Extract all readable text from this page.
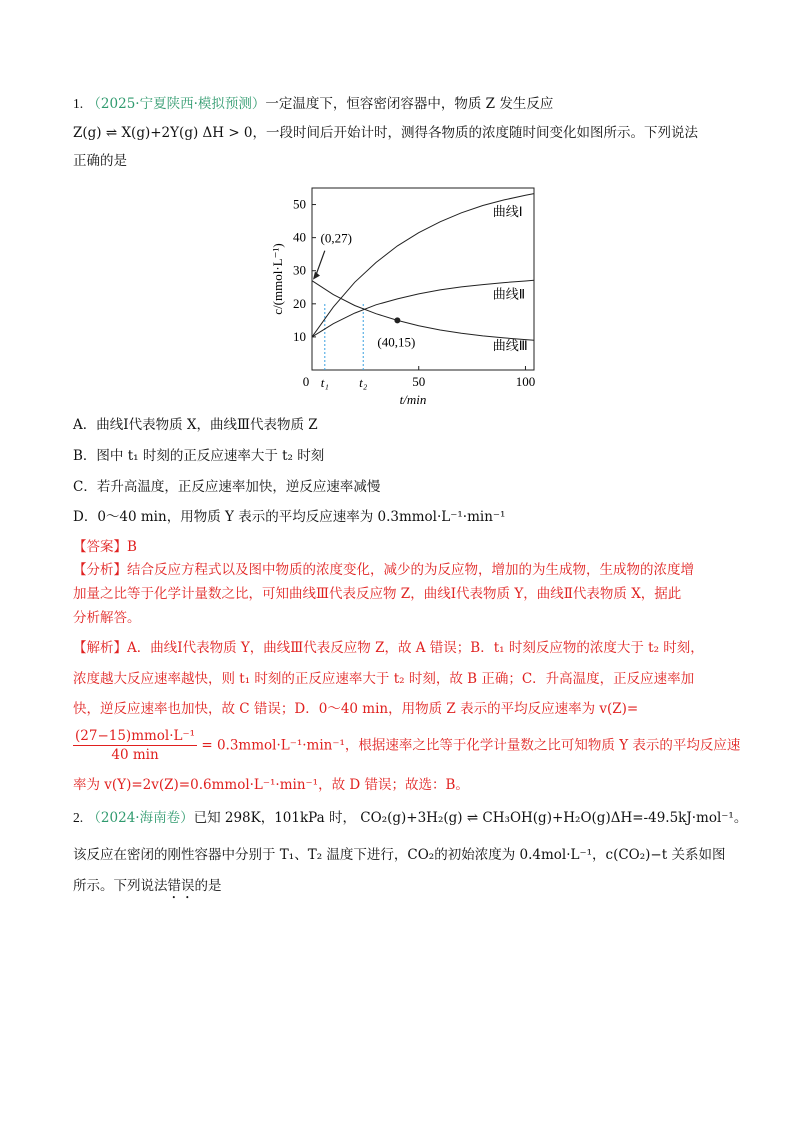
1. （2025·宁夏陕西·模拟预测）一定温度下，恒容密闭容器中，物质 Z 发生反应
Z(g) ⇌ X(g)+2Y(g) ΔH > 0，一段时间后开始计时，测得各物质的浓度随时间变化如图所示。下列说法
正确的是
10
20
30
40
50
0	50	100
t₁ t₂
曲线Ⅰ
曲线Ⅱ
曲线Ⅲ
(0,27)
(40,15)
t/min
c/(mmol·L⁻¹)
A．曲线Ⅰ代表物质 X，曲线Ⅲ代表物质 Z
B．图中 t₁ 时刻的正反应速率大于 t₂ 时刻
C．若升高温度，正反应速率加快，逆反应速率减慢
D．0～40 min，用物质 Y 表示的平均反应速率为 0.3mmol·L⁻¹·min⁻¹
【答案】B
【分析】结合反应方程式以及图中物质的浓度变化，减少的为反应物，增加的为生成物，生成物的浓度增
加量之比等于化学计量数之比，可知曲线Ⅲ代表反应物 Z，曲线Ⅰ代表物质 Y，曲线Ⅱ代表物质 X，据此
分析解答。
【解析】A．曲线Ⅰ代表物质 Y，曲线Ⅲ代表反应物 Z，故 A 错误；B．t₁ 时刻反应物的浓度大于 t₂ 时刻，
浓度越大反应速率越快，则 t₁ 时刻的正反应速率大于 t₂ 时刻，故 B 正确；C．升高温度，正反应速率加
快，逆反应速率也加快，故 C 错误；D．0～40 min，用物质 Z 表示的平均反应速率为 v(Z)=
$\frac{\text{(27−15)mmol·L⁻¹}}{40 \min}$ = 0.3mmol·L⁻¹·min⁻¹，根据速率之比等于化学计量数之比可知物质 Y 表示的平均反应速
率为 v(Y)=2v(Z)=0.6mmol·L⁻¹·min⁻¹，故 D 错误；故选：B。
2. （2024·海南卷）已知 298K，101kPa 时， CO₂(g)+3H₂(g) ⇌ CH₃OH(g)+H₂O(g)ΔH=-49.5kJ·mol⁻¹。
该反应在密闭的刚性容器中分别于 T₁、T₂ 温度下进行，CO₂的初始浓度为 0.4mol·L⁻¹，c(CO₂)−t 关系如图
所示。下列说法错误的是
